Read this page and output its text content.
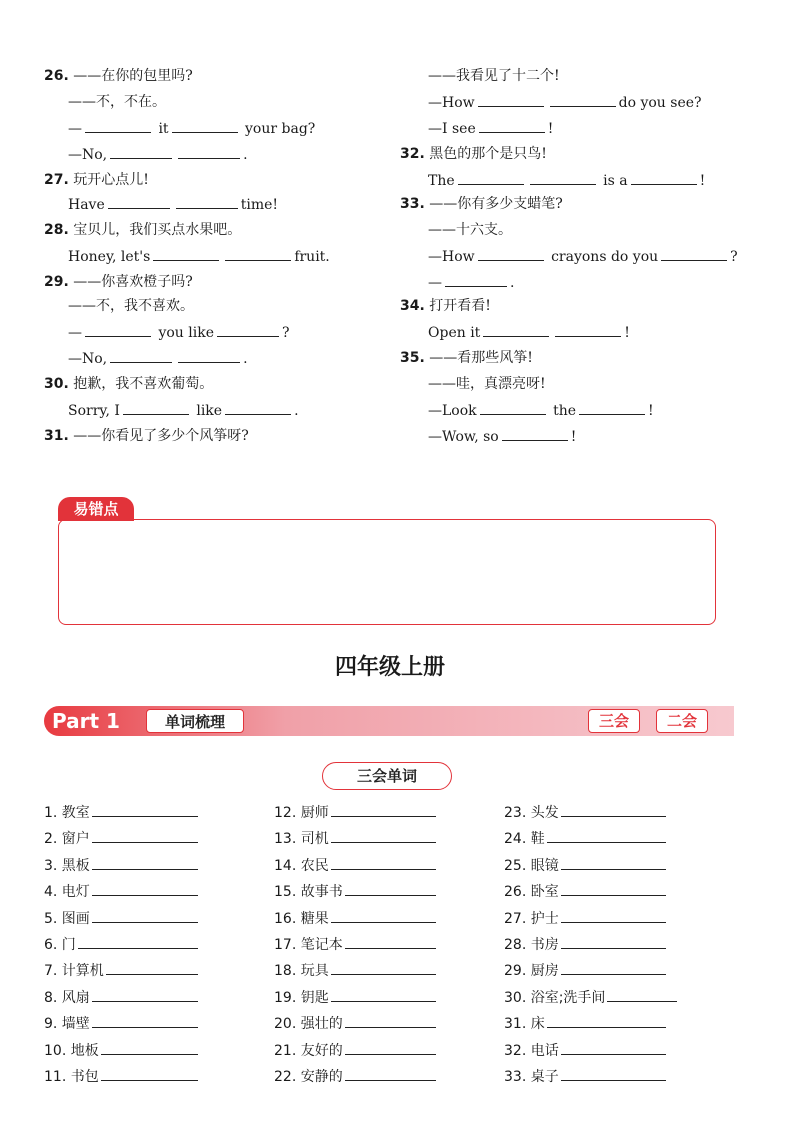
26. ——在你的包里吗?
——不，不在。
—	it	your bag?
—No,	.
27. 玩开心点儿!
Have	time!
28. 宝贝儿，我们买点水果吧。
Honey, let's	fruit.
29. ——你喜欢橙子吗?
——不，我不喜欢。
—	you like	?
—No,	.
30. 抱歉，我不喜欢葡萄。
Sorry, I	like	.
31. ——你看见了多少个风筝呀?
——我看见了十二个!
—How	do you see?
—I see	!
32. 黑色的那个是只鸟!
The	is a	!
33. ——你有多少支蜡笔?
——十六支。
—How	crayons do you	?
—	.
34. 打开看看!
Open it	!
35. ——看那些风筝!
——哇，真漂亮呀!
—Look	the	!
—Wow, so	!
易错点
四年级上册
Part 1	单词梳理	三会	二会
三会单词
1. 教室
2. 窗户
3. 黑板
4. 电灯
5. 图画
6. 门
7. 计算机
8. 风扇
9. 墙壁
10. 地板
11. 书包
12. 厨师
13. 司机
14. 农民
15. 故事书
16. 糖果
17. 笔记本
18. 玩具
19. 钥匙
20. 强壮的
21. 友好的
22. 安静的
23. 头发
24. 鞋
25. 眼镜
26. 卧室
27. 护士
28. 书房
29. 厨房
30. 浴室;洗手间
31. 床
32. 电话
33. 桌子
